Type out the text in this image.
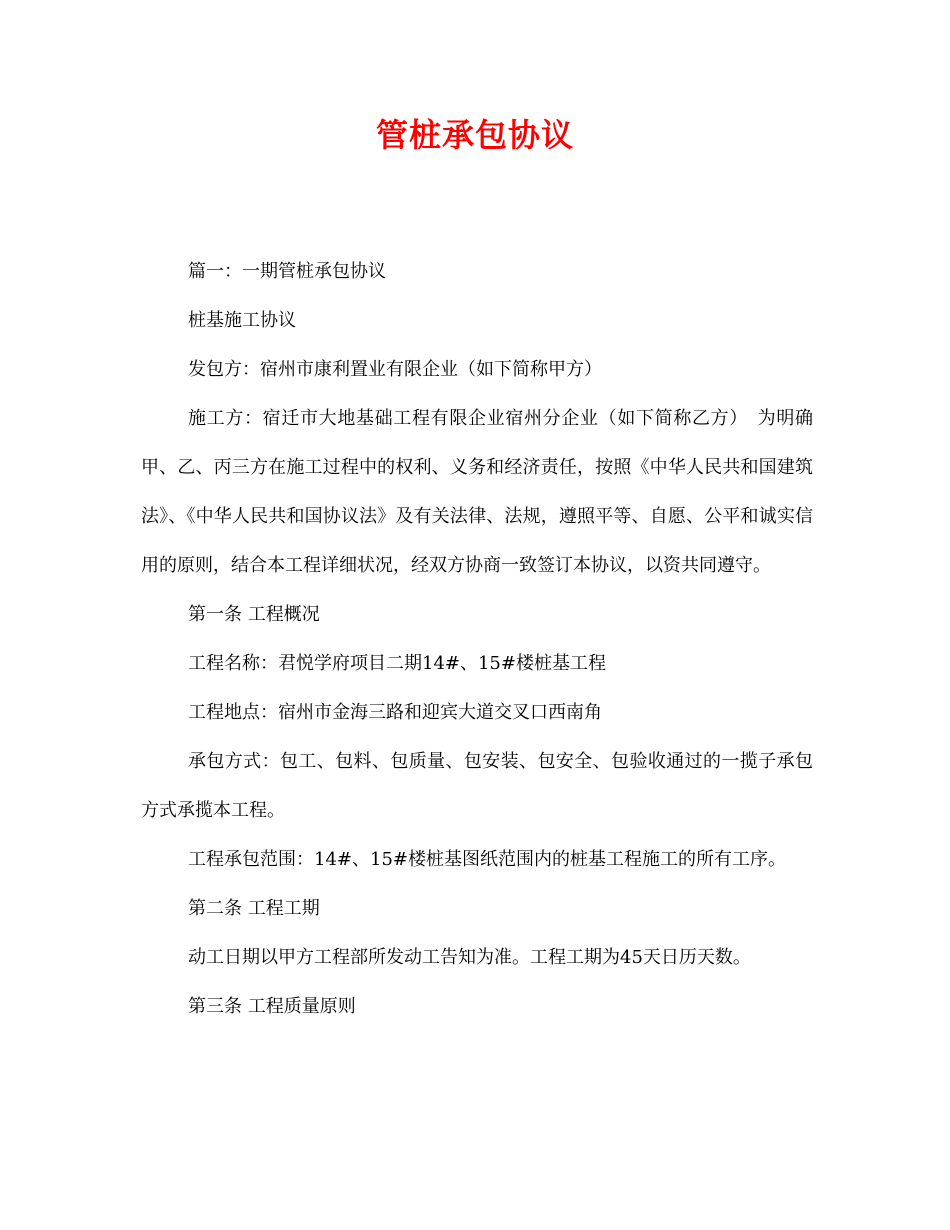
管桩承包协议

篇一：一期管桩承包协议

桩基施工协议

发包方：宿州市康利置业有限企业（如下简称甲方）

施工方：宿迁市大地基础工程有限企业宿州分企业（如下简称乙方）　为明确甲、乙、丙三方在施工过程中的权利、义务和经济责任，按照《中华人民共和国建筑法》、《中华人民共和国协议法》及有关法律、法规，遵照平等、自愿、公平和诚实信用的原则，结合本工程详细状况，经双方协商一致签订本协议，以资共同遵守。

第一条 工程概况

工程名称：君悦学府项目二期14#、15#楼桩基工程

工程地点：宿州市金海三路和迎宾大道交叉口西南角

承包方式：包工、包料、包质量、包安装、包安全、包验收通过的一揽子承包方式承揽本工程。

工程承包范围：14#、15#楼桩基图纸范围内的桩基工程施工的所有工序。

第二条 工程工期

动工日期以甲方工程部所发动工告知为准。工程工期为45天日历天数。

第三条 工程质量原则
